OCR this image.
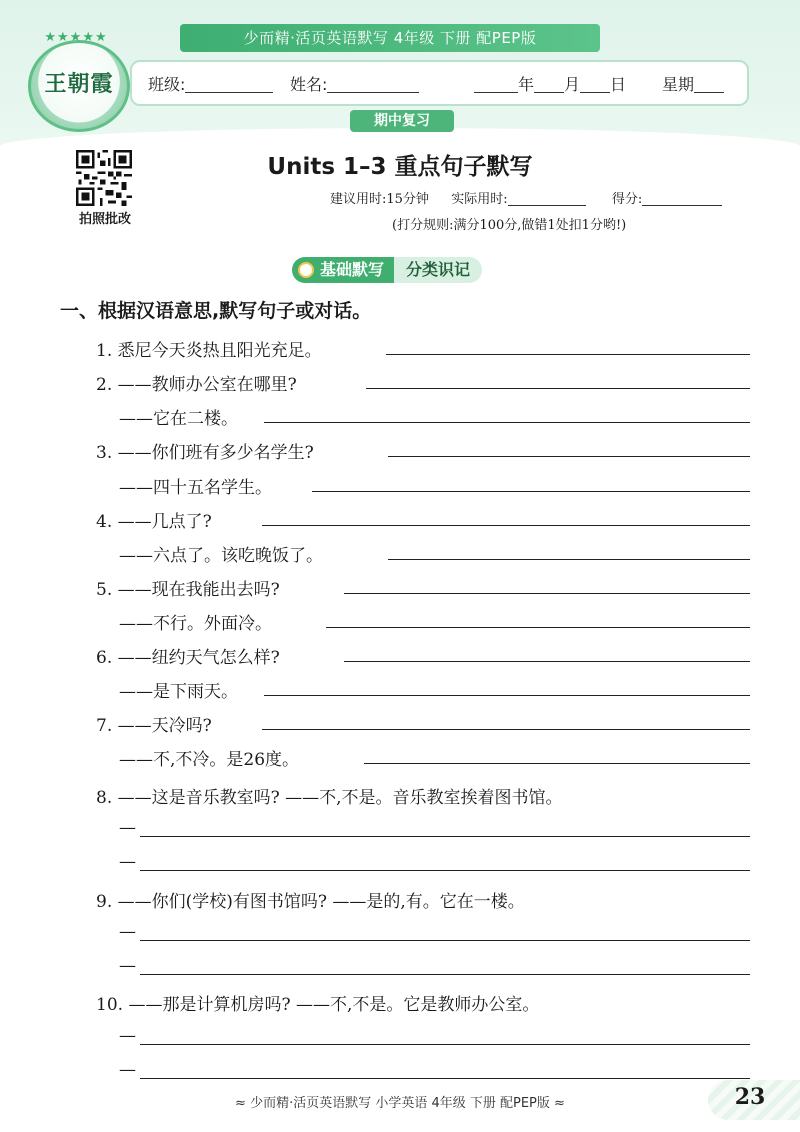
少而精·活页英语默写 4年级 下册 配PEP版
王朝霞
★★★★★
班级:	姓名:	年 月 日 星期
期中复习
拍照批改
Units 1–3 重点句子默写
建议用时:15分钟 实际用时:	得分:
(打分规则:满分100分,做错1处扣1分哟!)
基础默写	分类识记
一、根据汉语意思,默写句子或对话。
1. 悉尼今天炎热且阳光充足。
2. ——教师办公室在哪里?
——它在二楼。
3. ——你们班有多少名学生?
——四十五名学生。
4. ——几点了?
——六点了。该吃晚饭了。
5. ——现在我能出去吗?
——不行。外面冷。
6. ——纽约天气怎么样?
——是下雨天。
7. ——天冷吗?
——不,不冷。是26度。
8. ——这是音乐教室吗? ——不,不是。音乐教室挨着图书馆。
—
—
9. ——你们(学校)有图书馆吗? ——是的,有。它在一楼。
—
—
10. ——那是计算机房吗? ——不,不是。它是教师办公室。
—
—
≈ 少而精·活页英语默写 小学英语 4年级 下册 配PEP版 ≈	23
